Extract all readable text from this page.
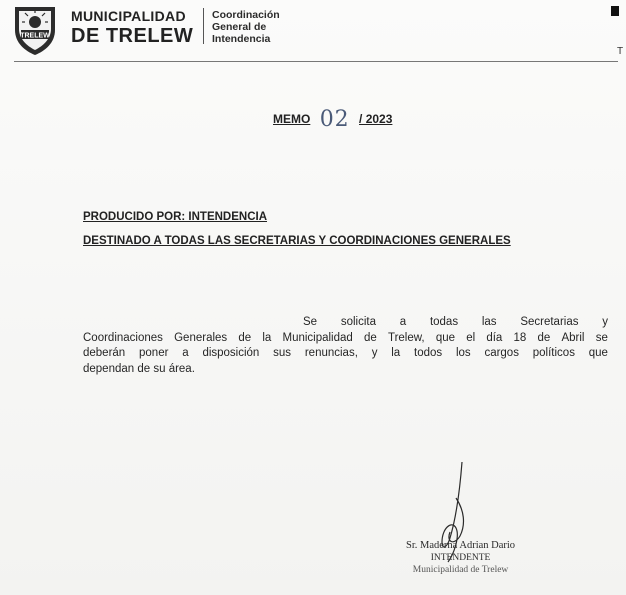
TRELEW
MUNICIPALIDAD
DE TRELEW
Coordinación
General de
Intendencia
T
MEMO 02 / 2023
PRODUCIDO POR: INTENDENCIA
DESTINADO A TODAS LAS SECRETARIAS Y COORDINACIONES GENERALES
Se solicita a todas las Secretarias y
Coordinaciones Generales de la Municipalidad de Trelew, que el día 18 de Abril se
deberán poner a disposición sus renuncias, y la todos los cargos políticos que
dependan de su área.
Sr. Maderna Adrian Dario
INTENDENTE
Municipalidad de Trelew
